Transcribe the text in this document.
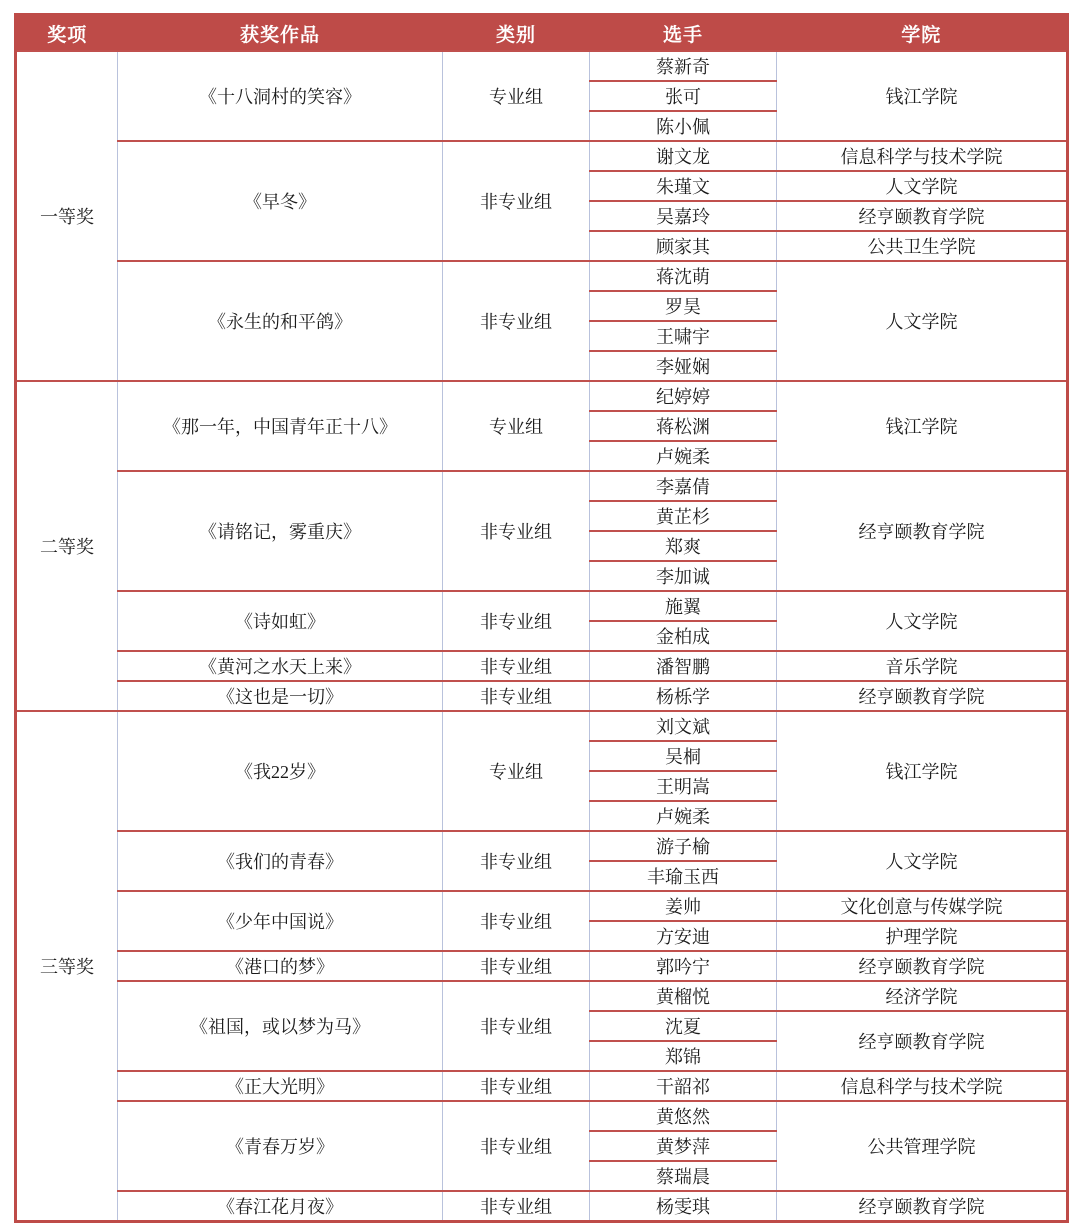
奖项	获奖作品	类别	选手	学院
一等奖	《十八洞村的笑容》	专业组	蔡新奇	钱江学院
			张可	
			陈小佩	
	《早冬》	非专业组	谢文龙	信息科学与技术学院
			朱瑾文	人文学院
			吴嘉玲	经亨颐教育学院
			顾家其	公共卫生学院
	《永生的和平鸽》	非专业组	蒋沈萌	人文学院
			罗昊	
			王啸宇	
			李娅娴	
二等奖	《那一年，中国青年正十八》	专业组	纪婷婷	钱江学院
			蒋松渊	
			卢婉柔	
	《请铭记，雾重庆》	非专业组	李嘉倩	经亨颐教育学院
			黄芷杉	
			郑爽	
			李加诚	
	《诗如虹》	非专业组	施翼	人文学院
			金柏成	
	《黄河之水天上来》	非专业组	潘智鹏	音乐学院
	《这也是一切》	非专业组	杨栎学	经亨颐教育学院
三等奖	《我22岁》	专业组	刘文斌	钱江学院
			吴桐	
			王明嵩	
			卢婉柔	
	《我们的青春》	非专业组	游子榆	人文学院
			丰瑜玉西	
	《少年中国说》	非专业组	姜帅	文化创意与传媒学院
			方安迪	护理学院
	《港口的梦》	非专业组	郭吟宁	经亨颐教育学院
	《祖国，或以梦为马》	非专业组	黄榴悦	经济学院
			沈夏	经亨颐教育学院
			郑锦	
	《正大光明》	非专业组	干韶祁	信息科学与技术学院
	《青春万岁》	非专业组	黄悠然	公共管理学院
			黄梦萍	
			蔡瑞晨	
	《春江花月夜》	非专业组	杨雯琪	经亨颐教育学院
